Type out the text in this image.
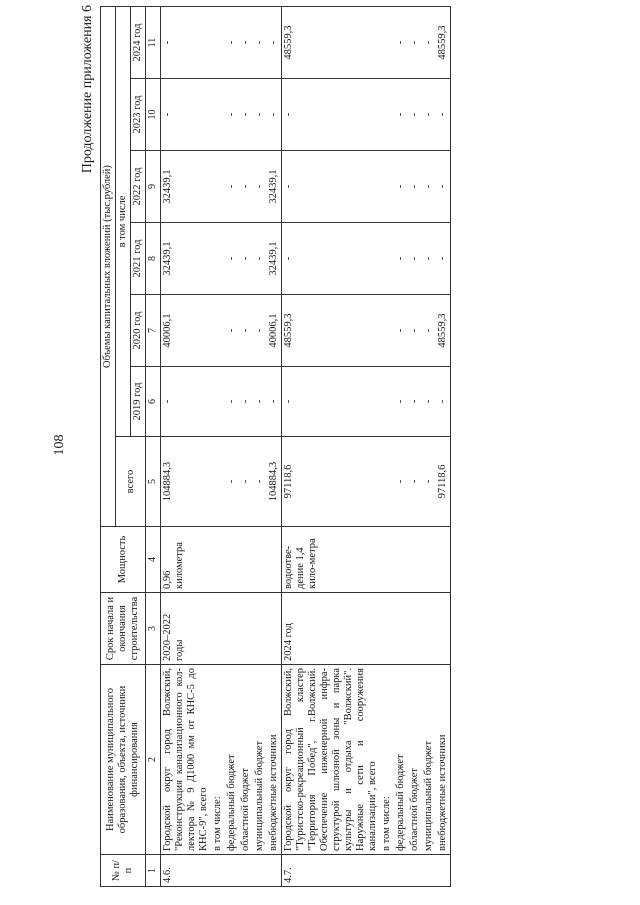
108
Продолжение приложения 6
№ п/п	Наименование муниципального образования, объекта, источники финансирования	Срок начала и окончания строительства	Мощность	Объемы капитальных вложений (тыс.рублей)						
				всего	в том числе					
					2019 год	2020 год	2021 год	2022 год	2023 год	2024 год
1	2	3	4	5	6	7	8	9	10	11
4.6.	Городской округ город Волжский, "Реконструкция канализационного кол-лектора № 9 Д1000 мм от КНС-5 до КНС-9", всего	2020–2022 годы	0,96 километра	104884,3	-	40006,1	32439,1	32439,1	-	-
	в том числе:									
	федеральный бюджет			-	-	-	-	-	-	-
	областной бюджет			-	-	-	-	-	-	-
	муниципальный бюджет			-	-	-	-	-	-	-
	внебюджетные источники			104884,3	-	40006,1	32439,1	32439,1	-	-
4.7.	Городской округ город Волжский, "Туристско-рекреационный кластер "Территория Побед", г.Волжский. Обеспечение инженерной инфра-структурой шлюзной зоны и парка культуры и отдыха "Волжский". Наружные сети и сооружения канализации", всего	2024 год	водоотве-дение 1,4 кило-метра	97118,6	-	48559,3	-	-	-	48559,3
	в том числе:									
	федеральный бюджет			-	-	-	-	-	-	-
	областной бюджет			-	-	-	-	-	-	-
	муниципальный бюджет			-	-	-	-	-	-	-
	внебюджетные источники			97118,6	-	48559,3	-	-	-	48559,3
